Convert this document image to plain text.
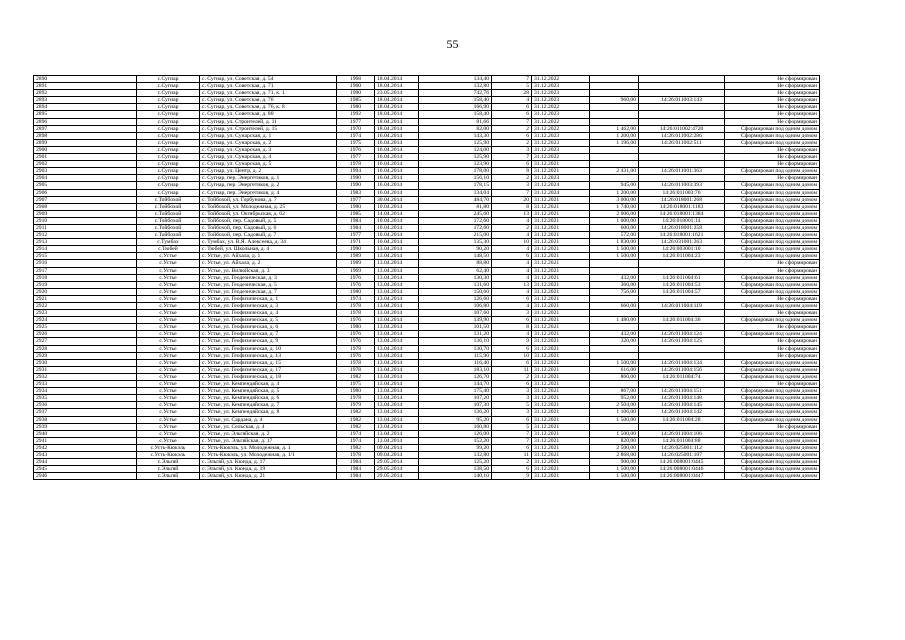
55
2890	с.Сугнар	с. Сугнар, ул. Советская, д. 54	1968	18.04.2014	134,40	7	31.12.2022			Не сформирован
2891	с.Сугнар	с. Сугнар, ул. Советская, д. 71	1960	18.04.2014	132,80	5	31.12.2023			Не сформирован
2892	с.Сугнар	с. Сугнар, ул. Советская, д. 71, к. 1	1990	23.05.2014	742,76	28	31.12.2023			Не сформирован
2893	с.Сугнар	с. Сугнар, ул. Советская, д. 76	1985	18.04.2014	158,40	4	31.12.2023	960,00	14:26:011003:143	Не сформирован
2894	с.Сугнар	с. Сугнар, ул. Советская, д. 76, к. 8	1980	18.04.2014	166,90	6	31.12.2022			Не сформирован
2895	с.Сугнар	с. Сугнар, ул. Советская, д. 80	1992	18.04.2014	158,40	6	31.12.2023			Не сформирован
2896	с.Сугнар	с. Сугнар, ул. Строителей, д. 11	1977	18.04.2014	81,66	7	31.12.2022			Не сформирован
2897	с.Сугнар	с. Сугнар, ул. Строителей, д. 15	1970	18.04.2014	82,00	2	31.12.2022	1 462,00	14:26:011002:4720	Сформирован под одним домом
2898	с.Сугнар	с. Сугнар, ул. Сунарская, д. 1	1974	16.04.2014	143,30	6	31.12.2023	1 200,00	14:26:011002:286	Сформирован под одним домом
2899	с.Сугнар	с. Сугнар, ул. Сунарская, д. 2	1975	16.04.2014	125,90	2	31.12.2023	1 196,00	14:26:011002:511	Сформирован под одним домом
2900	с.Сугнар	с. Сугнар, ул. Сунарская, д. 3	1976	16.04.2014	124,00	3	31.12.2023			Не сформирован
2901	с.Сугнар	с. Сугнар, ул. Сунарская, д. 4	1977	16.04.2014	125,90	7	31.12.2022			Не сформирован
2902	с.Сугнар	с. Сугнар, ул. Сунарская, д. 5	1978	16.04.2014	123,90	6	31.12.2021			Не сформирован
2903	с.Сугнар	с. Сугнар, ул. Центр, д. 2	1994	16.04.2014	178,00	8	31.12.2021	2 431,00	14:26:011001:363	Сформирован под одним домом
2904	с.Сугнар	с. Сугнар, пер. Энергетиков, д. 1	1990	16.04.2014	156,10	2	31.12.2023			Не сформирован
2905	с.Сугнар	с. Сугнар, пер. Энергетиков, д. 2	1990	16.04.2014	178,15	3	31.12.2024	945,00	14:26:011003:393	Сформирован под одним домом
2906	с.Сугнар	с. Сугнар, пер. Энергетиков, д. 4	1983	16.04.2014	134,04	7	31.12.2024	1 200,00	14:26:011003:76	Сформирован под одним домом
2907	с.Тойбохой	с. Тойбохой, ул. Горбунова, д. 7	1977	30.04.2014	484,70	20	31.12.2021	3 000,00	14:26:018001:268	Сформирован под одним домом
2908	с.Тойбохой	с. Тойбохой, ул. Молодежная, д. 25	1980	10.04.2014	81,80	8	31.12.2021	1 740,00	14:26:018001:1183	Сформирован под одним домом
2909	с.Тойбохой	с. Тойбохой, ул. Октябрьская, д. 62	1985	14.04.2014	245,60	13	31.12.2021	2 006,00	14:26:018001:1384	Сформирован под одним домом
2910	с.Тойбохой	с. Тойбохой, пер. Садовый, д. 5	1984	10.04.2014	172,60	4	31.12.2021	1 000,00	14:26:018001:14	Сформирован под одним домом
2911	с.Тойбохой	с. Тойбохой, пер. Садовый, д. 6	1984	10.04.2014	172,60	2	31.12.2021	600,00	14:26:018001:258	Сформирован под одним домом
2912	с.Тойбохой	с. Тойбохой, пер. Садовый, д. 7	1977	10.04.2014	215,00	4	31.12.2021	572,00	14:26:018001:1621	Сформирован под одним домом
2913	с.Тумбах	с. Тумбах, ул. В.Я. Алексеева, д. 34	1971	10.04.2014	135,30	10	31.12.2021	1 830,00	14:26:031001:263	Сформирован под одним домом
2914	с.Тюбей	с. Тюбей, ул. Школьная, д. 4	1990	13.04.2014	90,20	4	31.12.2021	1 500,00	14:26:003001:10	Сформирован под одним домом
2915	с.Устье	с. Устье, ул. Айхала, д. 1	1989	13.04.2014	148,50	6	31.12.2021	1 500,00	14:26:011004:23	Сформирован под одним домом
2916	с.Устье	с. Устье, ул. Айхала, д. 2	1989	13.04.2014	88,80	4	31.12.2021			Не сформирован
2917	с.Устье	с. Устье, ул. Вилюйская, д. 3	1969	13.04.2014	62,40	4	31.12.2021			Не сформирован
2918	с.Устье	с. Устье, ул. Геодезическая, д. 3	1976	13.04.2014	130,30	4	31.12.2021	432,00	14:26:011004:61	Сформирован под одним домом
2919	с.Устье	с. Устье, ул. Геодезическая, д. 5	1976	13.04.2014	131,60	13	31.12.2021	360,00	14:26:011004:53	Сформирован под одним домом
2920	с.Устье	с. Устье, ул. Геодезическая, д. 7	1980	13.04.2014	150,60	4	31.12.2021	756,00	14:26:011004:57	Сформирован под одним домом
2921	с.Устье	с. Устье, ул. Геофизическая, д. 1	1974	13.04.2014	126,60	6	31.12.2021			Не сформирован
2922	с.Устье	с. Устье, ул. Геофизическая, д. 3	1978	13.04.2014	106,80	4	31.12.2021	660,00	14:26:011004:119	Сформирован под одним домом
2923	с.Устье	с. Устье, ул. Геофизическая, д. 4	1978	13.04.2014	107,60	3	31.12.2021			Не сформирован
2924	с.Устье	с. Устье, ул. Геофизическая, д. 5	1976	13.04.2014	139,90	6	31.12.2021	1 480,00	14:26:011004:36	Сформирован под одним домом
2925	с.Устье	с. Устье, ул. Геофизическая, д. 6	1980	13.04.2014	101,50	8	31.12.2021			Не сформирован
2926	с.Устье	с. Устье, ул. Геофизическая, д. 7	1976	13.04.2014	131,20	4	31.12.2021	432,00	14:26:011004:124	Сформирован под одним домом
2927	с.Устье	с. Устье, ул. Геофизическая, д. 9	1976	13.04.2014	136,10	9	31.12.2021	320,00	14:26:011004:125	Не сформирован
2928	с.Устье	с. Устье, ул. Геофизическая, д. 10	1978	13.04.2014	130,70	6	31.12.2021			Не сформирован
2929	с.Устье	с. Устье, ул. Геофизическая, д. 13	1976	13.04.2014	115,90	10	31.12.2021			Не сформирован
2930	с.Устье	с. Устье, ул. Геофизическая, д. 15	1978	13.04.2014	116,40	6	31.12.2021	1 500,00	14:26:011004:134	Сформирован под одним домом
2931	с.Устье	с. Устье, ул. Геофизическая, д. 17	1978	13.04.2014	183,10	11	31.12.2021	616,00	14:26:011004:156	Сформирован под одним домом
2932	с.Устье	с. Устье, ул. Геофизическая, д. 18	1982	13.04.2014	126,70	2	31.12.2021	860,00	14:26:011004:74	Сформирован под одним домом
2933	с.Устье	с. Устье, ул. Кемпендяйская, д. 4	1975	13.04.2014	144,70	6	31.12.2021			Не сформирован
2934	с.Устье	с. Устье, ул. Кемпендяйская, д. 5	1980	13.04.2014	175,40	3	31.12.2021	867,00	14:26:011004:151	Сформирован под одним домом
2935	с.Устье	с. Устье, ул. Кемпендяйская, д. 6	1978	13.04.2014	107,20	3	31.12.2021	952,00	14:26:011004:148	Сформирован под одним домом
2936	с.Устье	с. Устье, ул. Кемпендяйская, д. 7	1979	13.04.2014	107,30	5	31.12.2021	2 504,00	14:26:011004:145	Сформирован под одним домом
2937	с.Устье	с. Устье, ул. Кемпендяйская, д. 8	1982	13.04.2014	136,20	3	31.12.2021	1 106,00	14:26:011004:142	Сформирован под одним домом
2938	с.Устье	с. Устье, ул. Сардана, д. 4	1982	13.04.2014	95,20	6	31.12.2021	1 500,00	14:26:011004:28	Сформирован под одним домом
2939	с.Устье	с. Устье, ул. Сельская, д. 4	1982	13.04.2014	160,80	5	31.12.2021			Не сформирован
2940	с.Устье	с. Устье, ул. Эльгяйская, д. 2	1974	13.04.2014	126,00	7	31.12.2021	1 500,00	14:26:011004:106	Сформирован под одним домом
2941	с.Устье	с. Устье, ул. Эльгяйская, д. 17	1974	13.04.2014	152,20	7	31.12.2021	820,00	14:26:011004:88	Сформирован под одним домом
2942	с.Усть-Кюкэль	с. Усть-Кюкэль, ул. Молодежная, д. 1	1982	09.04.2014	99,20	6	31.12.2021	2 500,00	14:26:025001:112	Сформирован под одним домом
2943	с.Усть-Кюкэль	с. Усть-Кюкэль, ул. Молодежная, д. 1/1	1978	09.04.2014	132,80	11	31.12.2021	2 868,00	14:26:025001:107	Сформирован под одним домом
2944	с.Эльгяй	с. Эльгяй, ул. Кюнда, д. 17	1984	29.05.2014	125,20	2	31.12.2021	900,00	14:26:008001:0445	Сформирован под одним домом
2945	с.Эльгяй	с. Эльгяй, ул. Кюнда, д. 19	1984	29.05.2014	138,50	6	31.12.2021	1 500,00	14:26:008001:0446	Сформирован под одним домом
2946	с.Эльгяй	с. Эльгяй, ул. Кюнда, д. 21	1984	29.05.2014	140,10	9	31.12.2021	1 500,00	14:26:008001:0447	Сформирован под одним домом
